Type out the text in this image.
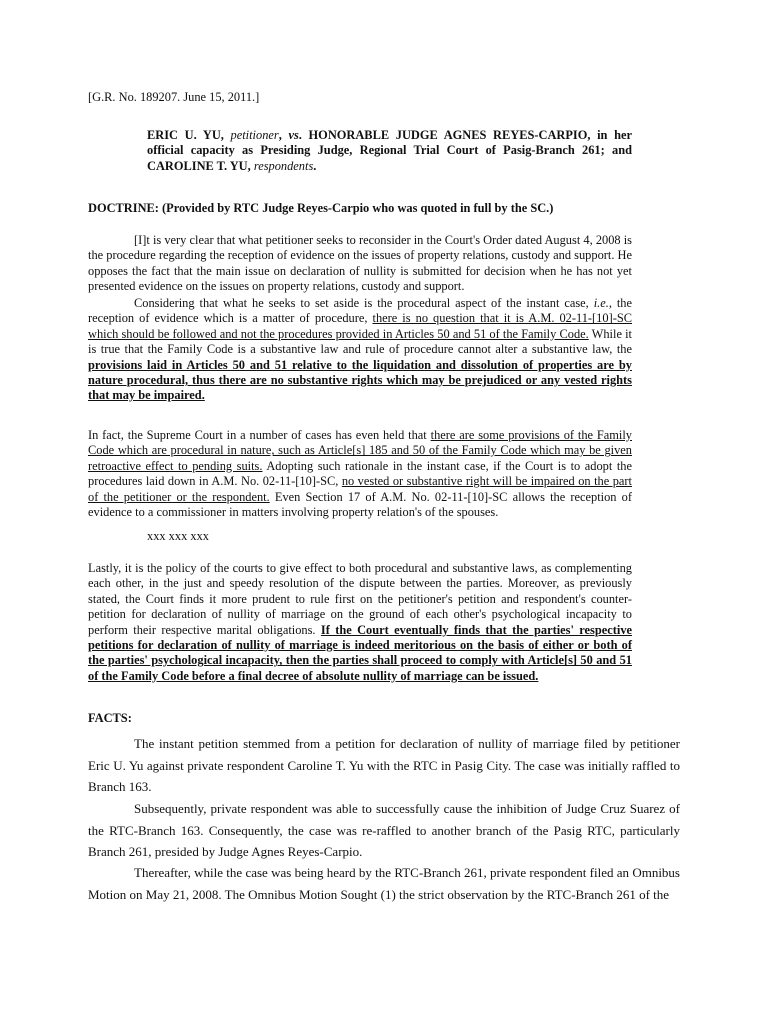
[G.R. No. 189207. June 15, 2011.]

ERIC U. YU, petitioner, vs. HONORABLE JUDGE AGNES REYES-CARPIO, in her official capacity as Presiding Judge, Regional Trial Court of Pasig-Branch 261; and CAROLINE T. YU, respondents.

DOCTRINE: (Provided by RTC Judge Reyes-Carpio who was quoted in full by the SC.)

[I]t is very clear that what petitioner seeks to reconsider in the Court's Order dated August 4, 2008 is the procedure regarding the reception of evidence on the issues of property relations, custody and support. He opposes the fact that the main issue on declaration of nullity is submitted for decision when he has not yet presented evidence on the issues on property relations, custody and support.

Considering that what he seeks to set aside is the procedural aspect of the instant case, i.e., the reception of evidence which is a matter of procedure, there is no question that it is A.M. 02-11-[10]-SC which should be followed and not the procedures provided in Articles 50 and 51 of the Family Code. While it is true that the Family Code is a substantive law and rule of procedure cannot alter a substantive law, the provisions laid in Articles 50 and 51 relative to the liquidation and dissolution of properties are by nature procedural, thus there are no substantive rights which may be prejudiced or any vested rights that may be impaired.

In fact, the Supreme Court in a number of cases has even held that there are some provisions of the Family Code which are procedural in nature, such as Article[s] 185 and 50 of the Family Code which may be given retroactive effect to pending suits. Adopting such rationale in the instant case, if the Court is to adopt the procedures laid down in A.M. No. 02-11-[10]-SC, no vested or substantive right will be impaired on the part of the petitioner or the respondent. Even Section 17 of A.M. No. 02-11-[10]-SC allows the reception of evidence to a commissioner in matters involving property relation's of the spouses.

xxx xxx xxx

Lastly, it is the policy of the courts to give effect to both procedural and substantive laws, as complementing each other, in the just and speedy resolution of the dispute between the parties. Moreover, as previously stated, the Court finds it more prudent to rule first on the petitioner's petition and respondent's counter-petition for declaration of nullity of marriage on the ground of each other's psychological incapacity to perform their respective marital obligations. If the Court eventually finds that the parties' respective petitions for declaration of nullity of marriage is indeed meritorious on the basis of either or both of the parties' psychological incapacity, then the parties shall proceed to comply with Article[s] 50 and 51 of the Family Code before a final decree of absolute nullity of marriage can be issued.

FACTS:

The instant petition stemmed from a petition for declaration of nullity of marriage filed by petitioner Eric U. Yu against private respondent Caroline T. Yu with the RTC in Pasig City. The case was initially raffled to Branch 163.

Subsequently, private respondent was able to successfully cause the inhibition of Judge Cruz Suarez of the RTC-Branch 163. Consequently, the case was re-raffled to another branch of the Pasig RTC, particularly Branch 261, presided by Judge Agnes Reyes-Carpio.

Thereafter, while the case was being heard by the RTC-Branch 261, private respondent filed an Omnibus Motion on May 21, 2008. The Omnibus Motion Sought (1) the strict observation by the RTC-Branch 261 of the
